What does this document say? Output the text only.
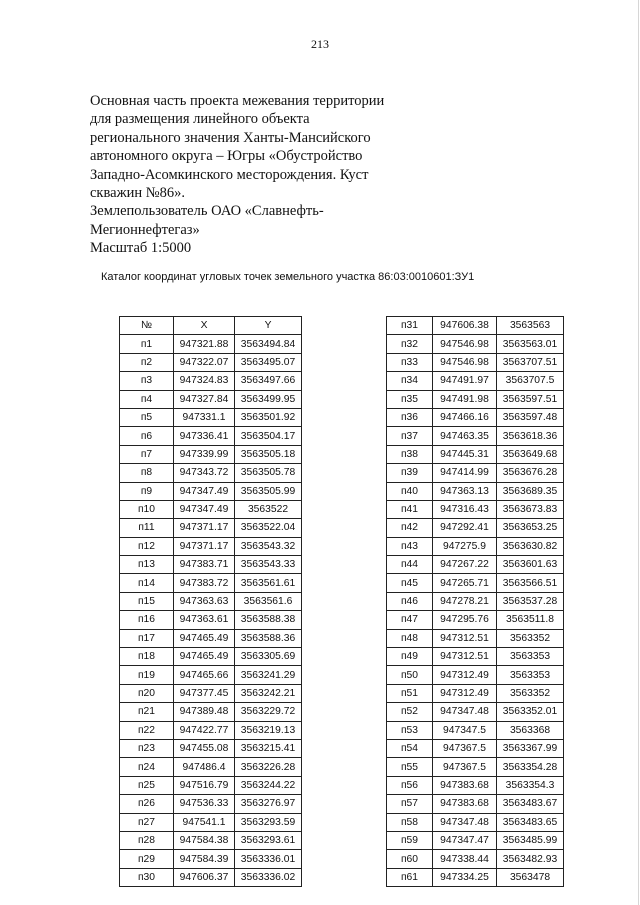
213
Основная часть проекта межевания территории
для размещения линейного объекта
регионального значения Ханты-Мансийского
автономного округа – Югры «Обустройство
Западно-Асомкинского месторождения. Куст
скважин №86».
Землепользователь ОАО «Славнефть-
Мегионнефтегаз»
Масштаб 1:5000
Каталог координат угловых точек земельного участка 86:03:0010601:ЗУ1
№	X	Y
п1	947321.88	3563494.84
п2	947322.07	3563495.07
п3	947324.83	3563497.66
п4	947327.84	3563499.95
п5	947331.1	3563501.92
п6	947336.41	3563504.17
п7	947339.99	3563505.18
п8	947343.72	3563505.78
п9	947347.49	3563505.99
п10	947347.49	3563522
п11	947371.17	3563522.04
п12	947371.17	3563543.32
п13	947383.71	3563543.33
п14	947383.72	3563561.61
п15	947363.63	3563561.6
п16	947363.61	3563588.38
п17	947465.49	3563588.36
п18	947465.49	3563305.69
п19	947465.66	3563241.29
п20	947377.45	3563242.21
п21	947389.48	3563229.72
п22	947422.77	3563219.13
п23	947455.08	3563215.41
п24	947486.4	3563226.28
п25	947516.79	3563244.22
п26	947536.33	3563276.97
п27	947541.1	3563293.59
п28	947584.38	3563293.61
п29	947584.39	3563336.01
п30	947606.37	3563336.02
п31	947606.38	3563563
п32	947546.98	3563563.01
п33	947546.98	3563707.51
п34	947491.97	3563707.5
п35	947491.98	3563597.51
п36	947466.16	3563597.48
п37	947463.35	3563618.36
п38	947445.31	3563649.68
п39	947414.99	3563676.28
п40	947363.13	3563689.35
п41	947316.43	3563673.83
п42	947292.41	3563653.25
п43	947275.9	3563630.82
п44	947267.22	3563601.63
п45	947265.71	3563566.51
п46	947278.21	3563537.28
п47	947295.76	3563511.8
п48	947312.51	3563352
п49	947312.51	3563353
п50	947312.49	3563353
п51	947312.49	3563352
п52	947347.48	3563352.01
п53	947347.5	3563368
п54	947367.5	3563367.99
п55	947367.5	3563354.28
п56	947383.68	3563354.3
п57	947383.68	3563483.67
п58	947347.48	3563483.65
п59	947347.47	3563485.99
п60	947338.44	3563482.93
п61	947334.25	3563478
